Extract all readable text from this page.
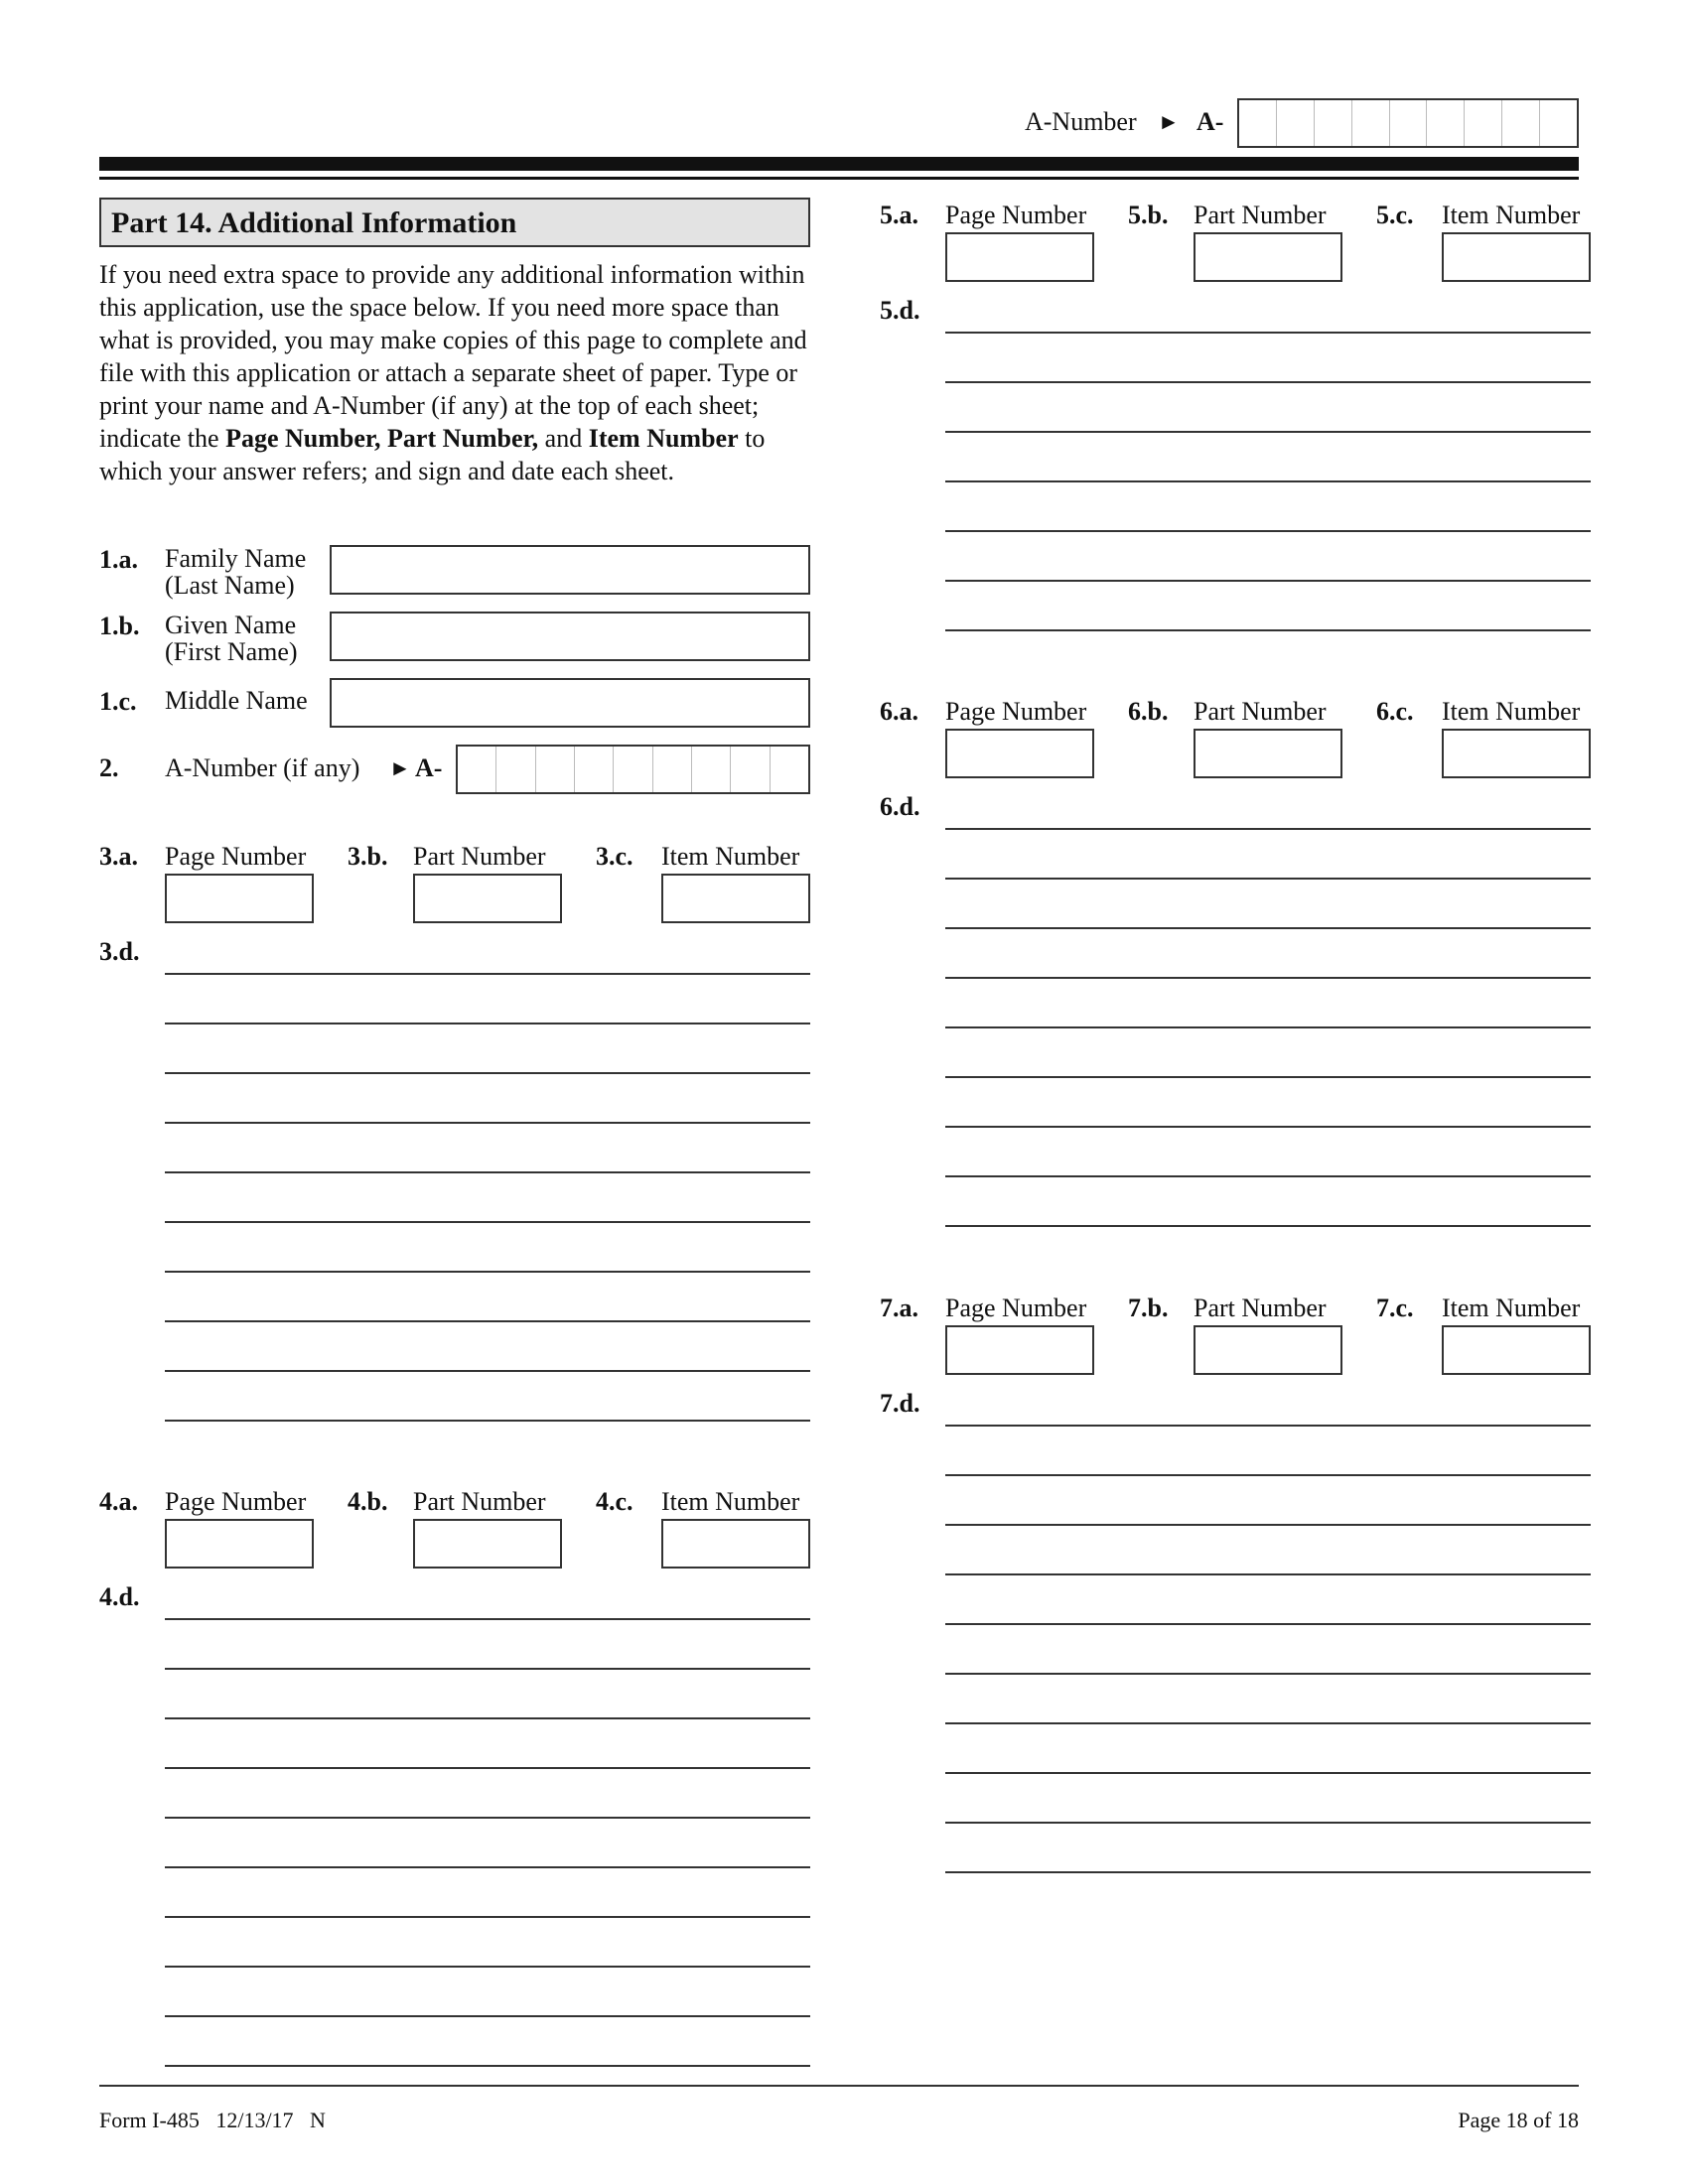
A-Number ► A-
Part 14. Additional Information
If you need extra space to provide any additional information within this application, use the space below. If you need more space than what is provided, you may make copies of this page to complete and file with this application or attach a separate sheet of paper. Type or print your name and A-Number (if any) at the top of each sheet; indicate the Page Number, Part Number, and Item Number to which your answer refers; and sign and date each sheet.
1.a. Family Name
(Last Name)
1.b. Given Name
(First Name)
1.c. Middle Name
2. A-Number (if any) ► A-
3.a. Page Number 3.b. Part Number 3.c. Item Number
3.d.
4.a. Page Number 4.b. Part Number 4.c. Item Number
4.d.
5.a. Page Number 5.b. Part Number 5.c. Item Number
5.d.
6.a. Page Number 6.b. Part Number 6.c. Item Number
6.d.
7.a. Page Number 7.b. Part Number 7.c. Item Number
7.d.
Form I-485   12/13/17   N	Page 18 of 18
